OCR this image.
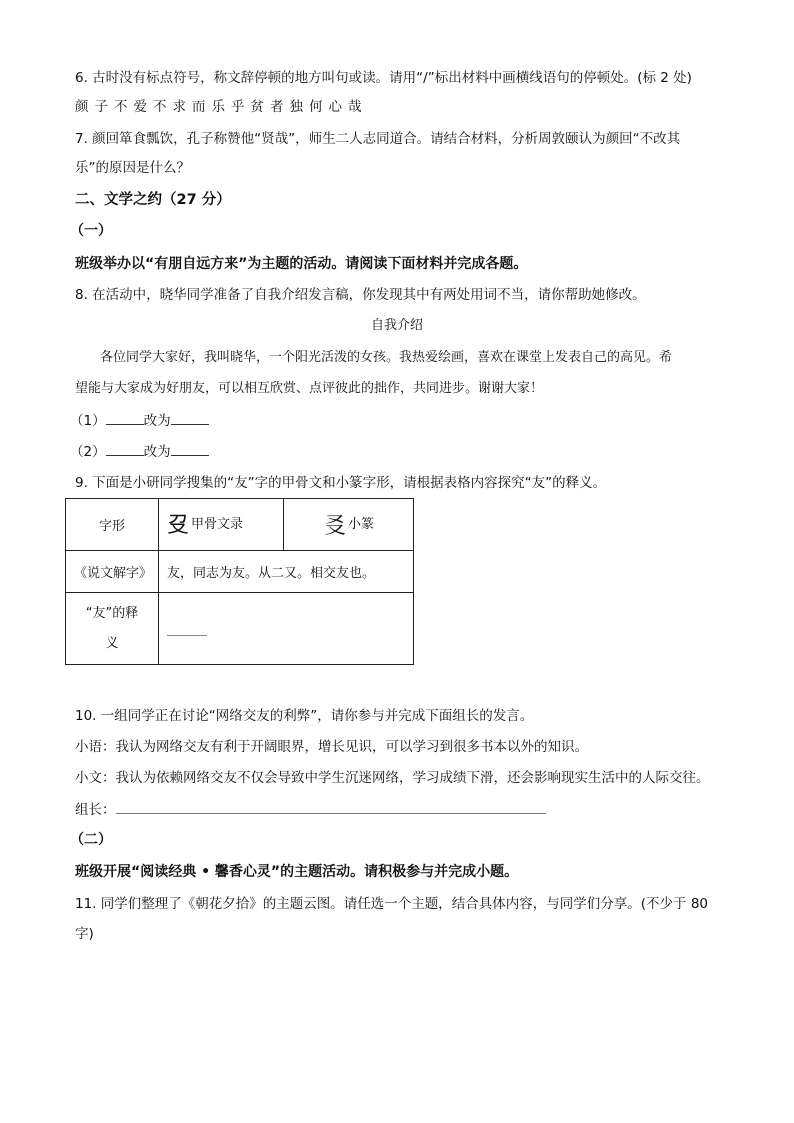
6. 古时没有标点符号，称文辞停顿的地方叫句或读。请用“/”标出材料中画横线语句的停顿处。(标 2 处)
颜子不爱不求而乐乎贫者独何心哉
7. 颜回箪食瓢饮，孔子称赞他“贤哉”，师生二人志同道合。请结合材料，分析周敦颐认为颜回“不改其
乐”的原因是什么？
二、文学之约（27 分）
（一）
班级举办以“有朋自远方来”为主题的活动。请阅读下面材料并完成各题。
8. 在活动中，晓华同学准备了自我介绍发言稿，你发现其中有两处用词不当，请你帮助她修改。
自我介绍
各位同学大家好，我叫晓华，一个阳光活泼的女孩。我热爱绘画，喜欢在课堂上发表自己的高见。希
望能与大家成为好朋友，可以相互欣赏、点评彼此的拙作，共同进步。谢谢大家！
（1）	改为
（2）	改为
9. 下面是小研同学搜集的“友”字的甲骨文和小篆字形，请根据表格内容探究“友”的释义。
字形	𠬛 甲骨文录	㕛 小篆
《说文解字》	友，同志为友。从二又。相交友也。	

“友”的释
义		

10. 一组同学正在讨论“网络交友的利弊”，请你参与并完成下面组长的发言。
小语：我认为网络交友有利于开阔眼界，增长见识，可以学习到很多书本以外的知识。
小文：我认为依赖网络交友不仅会导致中学生沉迷网络，学习成绩下滑，还会影响现实生活中的人际交往。
组长：
（二）
班级开展“阅读经典 • 馨香心灵”的主题活动。请积极参与并完成小题。
11. 同学们整理了《朝花夕拾》的主题云图。请任选一个主题，结合具体内容，与同学们分享。(不少于 80
字)
